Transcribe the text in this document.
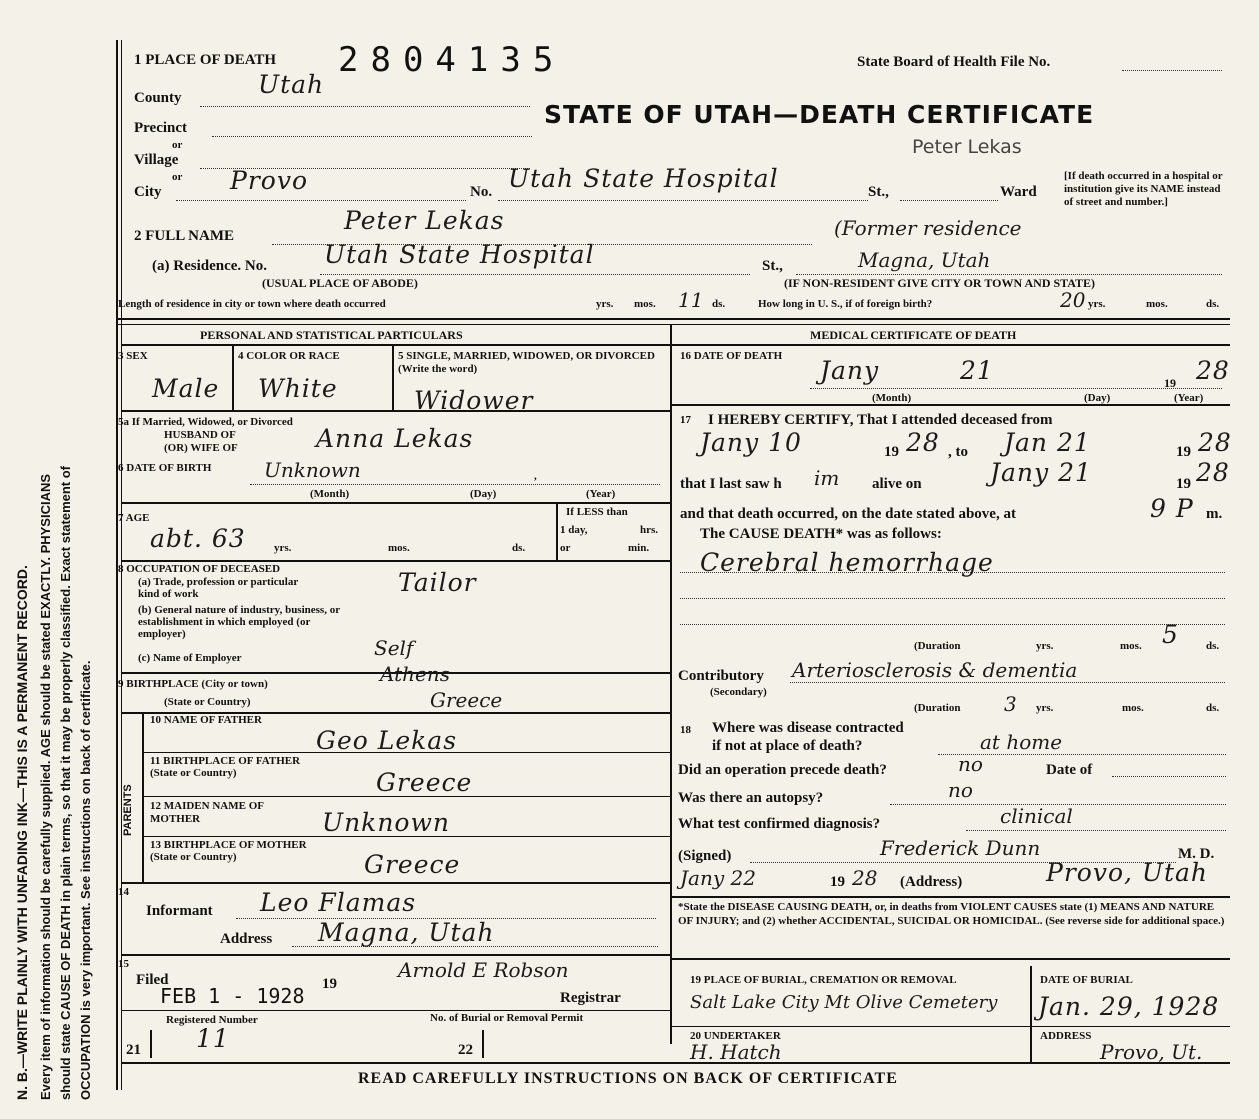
N. B.—WRITE PLAINLY WITH UNFADING INK—THIS IS A PERMANENT RECORD. Every item of information should be carefully supplied. AGE should be stated EXACTLY. PHYSICIANS should state CAUSE OF DEATH in plain terms, so that it may be properly classified. Exact statement of OCCUPATION is very important. See instructions on back of certificate.
1 PLACE OF DEATH 2804135	State Board of Health File No.
STATE OF UTAH—DEATH CERTIFICATE
Peter Lekas
County	Utah
Precinct
or
Village
or
City	Provo	No. Utah State Hospital	St.,	Ward
[If death occurred in a hospital or institution give its NAME instead of street and number.]
2 FULL NAME
Peter Lekas	(Former residence
(a) Residence. No. Utah State Hospital	St.,	Magna, Utah
(USUAL PLACE OF ABODE)	(IF NON-RESIDENT GIVE CITY OR TOWN AND STATE)
Length of residence in city or town where death occurred	yrs. mos. 11 ds.	How long in U. S., if of foreign birth?	20 yrs.	mos.	ds.
PERSONAL AND STATISTICAL PARTICULARS
3 SEX
Male
4 COLOR OR RACE
White
5 SINGLE, MARRIED, WIDOWED, OR DIVORCED (Write the word)
Widower
5a If Married, Widowed, or Divorced
HUSBAND OF
(OR) WIFE OF	Anna Lekas
6 DATE OF BIRTH	Unknown	,
(Month)	(Day)	(Year)
7 AGE
abt. 63	yrs.	mos.	ds.
If LESS than
1 day,	hrs.
or	min.
8 OCCUPATION OF DECEASED
(a) Trade, profession or particular kind of work	Tailor
(b) General nature of industry, business, or establishment in which employed (or employer)
(c) Name of Employer	Self
9 BIRTHPLACE (City or town)
(State or Country)
Athens
Greece
PARENTS
10 NAME OF FATHER
Geo Lekas
11 BIRTHPLACE OF FATHER (State or Country)	Greece
12 MAIDEN NAME OF MOTHER	Unknown
13 BIRTHPLACE OF MOTHER (State or Country)	Greece
14
Informant Leo Flamas
Address Magna, Utah
15
Filed
FEB 1 - 1928 19
Arnold E Robson
Registrar
Registered Number	No. of Burial or Removal Permit
21 11	22
MEDICAL CERTIFICATE OF DEATH
16 DATE OF DEATH Jany	21	19 28
(Month)	(Day)	(Year)
17 I HEREBY CERTIFY, That I attended deceased from
Jany 10	19 28 , to Jan 21	19 28
that I last saw h im alive on	Jany 21	19 28
and that death occurred, on the date stated above, at	9 P m.
The CAUSE DEATH* was as follows:
Cerebral hemorrhage
(Duration	yrs.	mos. 5 ds.
Contributory
(Secondary)
Arteriosclerosis & dementia
(Duration 3 yrs.	mos.	ds.
18 Where was disease contracted
if not at place of death?	at home
Did an operation precede death?	no	Date of
Was there an autopsy?	no
What test confirmed diagnosis?	clinical
(Signed)	Frederick Dunn	M. D.
Jany 22	19 28 (Address)	Provo, Utah
*State the DISEASE CAUSING DEATH, or, in deaths from VIOLENT CAUSES state (1) MEANS AND NATURE OF INJURY; and (2) whether ACCIDENTAL, SUICIDAL OR HOMICIDAL. (See reverse side for additional space.)
19 PLACE OF BURIAL, CREMATION OR REMOVAL
Salt Lake City Mt Olive Cemetery
DATE OF BURIAL
Jan. 29, 1928
20 UNDERTAKER
H. Hatch
ADDRESS
Provo, Ut.
READ CAREFULLY INSTRUCTIONS ON BACK OF CERTIFICATE
